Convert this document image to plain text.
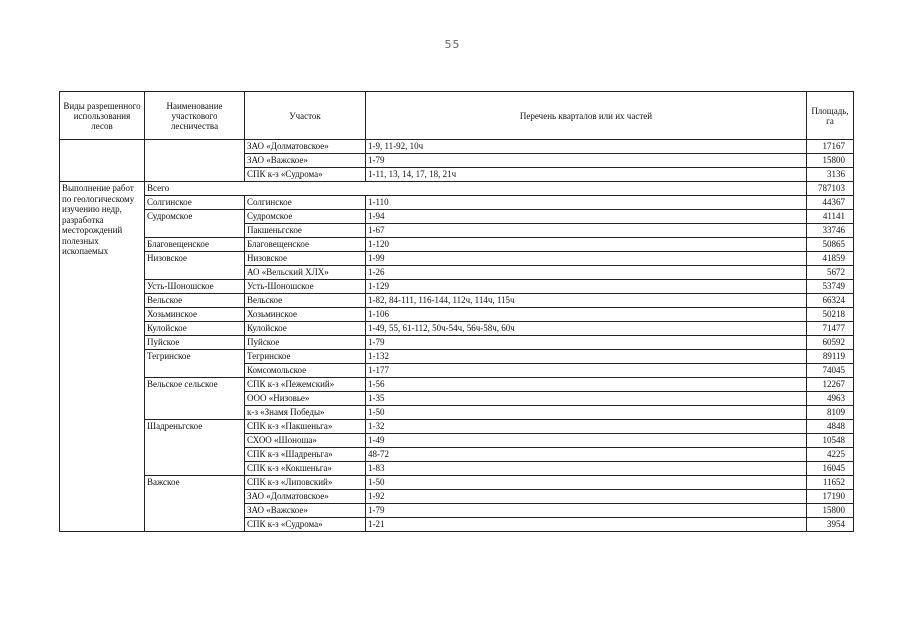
55
Виды разрешенного использования лесов	Наименование участкового лесничества	Участок	Перечень кварталов или их частей	Площадь, га
		ЗАО «Долматовское»	1-9, 11-92, 10ч	17167
		ЗАО «Важское»	1-79	15800
		СПК к-з «Судрома»	1-11, 13, 14, 17, 18, 21ч	3136
Выполнение работ по геологическому изучению недр, разработка месторождений полезных ископаемых	Всего			787103
	Солгинское	Солгинское	1-110	44367
	Судромское	Судромское	1-94	41141
		Пакшеньгское	1-67	33746
	Благовещенское	Благовещенское	1-120	50865
	Низовское	Низовское	1-99	41859
		АО «Вельский ХЛХ»	1-26	5672
	Усть-Шоношское	Усть-Шоношское	1-129	53749
	Вельское	Вельское	1-82, 84-111, 116-144, 112ч, 114ч, 115ч	66324
	Хозьминское	Хозьминское	1-106	50218
	Кулойское	Кулойское	1-49, 55, 61-112, 50ч-54ч, 56ч-58ч, 60ч	71477
	Пуйское	Пуйское	1-79	60592
	Тегринское	Тегринское	1-132	89119
		Комсомольское	1-177	74045
	Вельское сельское	СПК к-з «Пежемский»	1-56	12267
		ООО «Низовье»	1-35	4963
		к-з «Знамя Победы»	1-50	8109
	Шадреньгское	СПК к-з «Пакшеньга»	1-32	4848
		СХОО «Шоноша»	1-49	10548
		СПК к-з «Шадреньга»	48-72	4225
		СПК к-з «Кокшеньга»	1-83	16045
	Важское	СПК к-з «Липовский»	1-50	11652
		ЗАО «Долматовское»	1-92	17190
		ЗАО «Важское»	1-79	15800
		СПК к-з «Судрома»	1-21	3954
